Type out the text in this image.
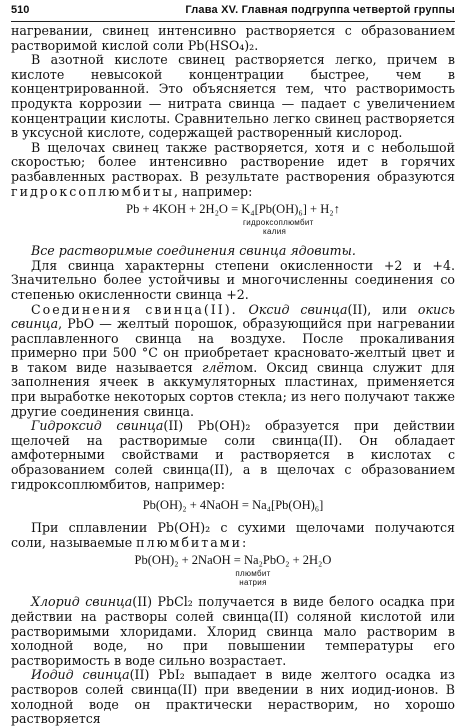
510	Глава XV. Главная подгруппа четвертой группы

нагревании, свинец интенсивно растворяется с образованием растворимой кислой соли Pb(HSO₄)₂.

В азотной кислоте свинец растворяется легко, причем в кислоте невысокой концентрации быстрее, чем в концентрированной. Это объясняется тем, что растворимость продукта коррозии — нитрата свинца — падает с увеличением концентрации кислоты. Сравнительно легко свинец растворяется в уксусной кислоте, содержащей растворенный кислород.

В щелочах свинец также растворяется, хотя и с небольшой скоростью; более интенсивно растворение идет в горячих разбавленных растворах. В результате растворения образуются гидроксоплюмбиты, например:

Pb + 4KOH + 2H₂O = K₄[Pb(OH)₆] + H₂↑
гидроксоплюмбит
калия

Все растворимые соединения свинца ядовиты.

Для свинца характерны степени окисленности +2 и +4. Значительно более устойчивы и многочисленны соединения со степенью окисленности свинца +2.

Соединения свинца(II). Оксид свинца(II), или окись свинца, PbO — желтый порошок, образующийся при нагревании расплавленного свинца на воздухе. После прокаливания примерно при 500 °C он приобретает красновато-желтый цвет и в таком виде называется глётом. Оксид свинца служит для заполнения ячеек в аккумуляторных пластинах, применяется при выработке некоторых сортов стекла; из него получают также другие соединения свинца.

Гидроксид свинца(II) Pb(OH)₂ образуется при действии щелочей на растворимые соли свинца(II). Он обладает амфотерными свойствами и растворяется в кислотах с образованием солей свинца(II), а в щелочах с образованием гидроксоплюмбитов, например:

Pb(OH)₂ + 4NaOH = Na₄[Pb(OH)₆]

При сплавлении Pb(OH)₂ с сухими щелочами получаются соли, называемые плюмбитами:

Pb(OH)₂ + 2NaOH = Na₂PbO₂ + 2H₂O
плюмбит
натрия

Хлорид свинца(II) PbCl₂ получается в виде белого осадка при действии на растворы солей свинца(II) соляной кислотой или растворимыми хлоридами. Хлорид свинца мало растворим в холодной воде, но при повышении температуры его растворимость в воде сильно возрастает.

Иодид свинца(II) PbI₂ выпадает в виде желтого осадка из растворов солей свинца(II) при введении в них иодид-ионов. В холодной воде он практически нерастворим, но хорошо растворяется
